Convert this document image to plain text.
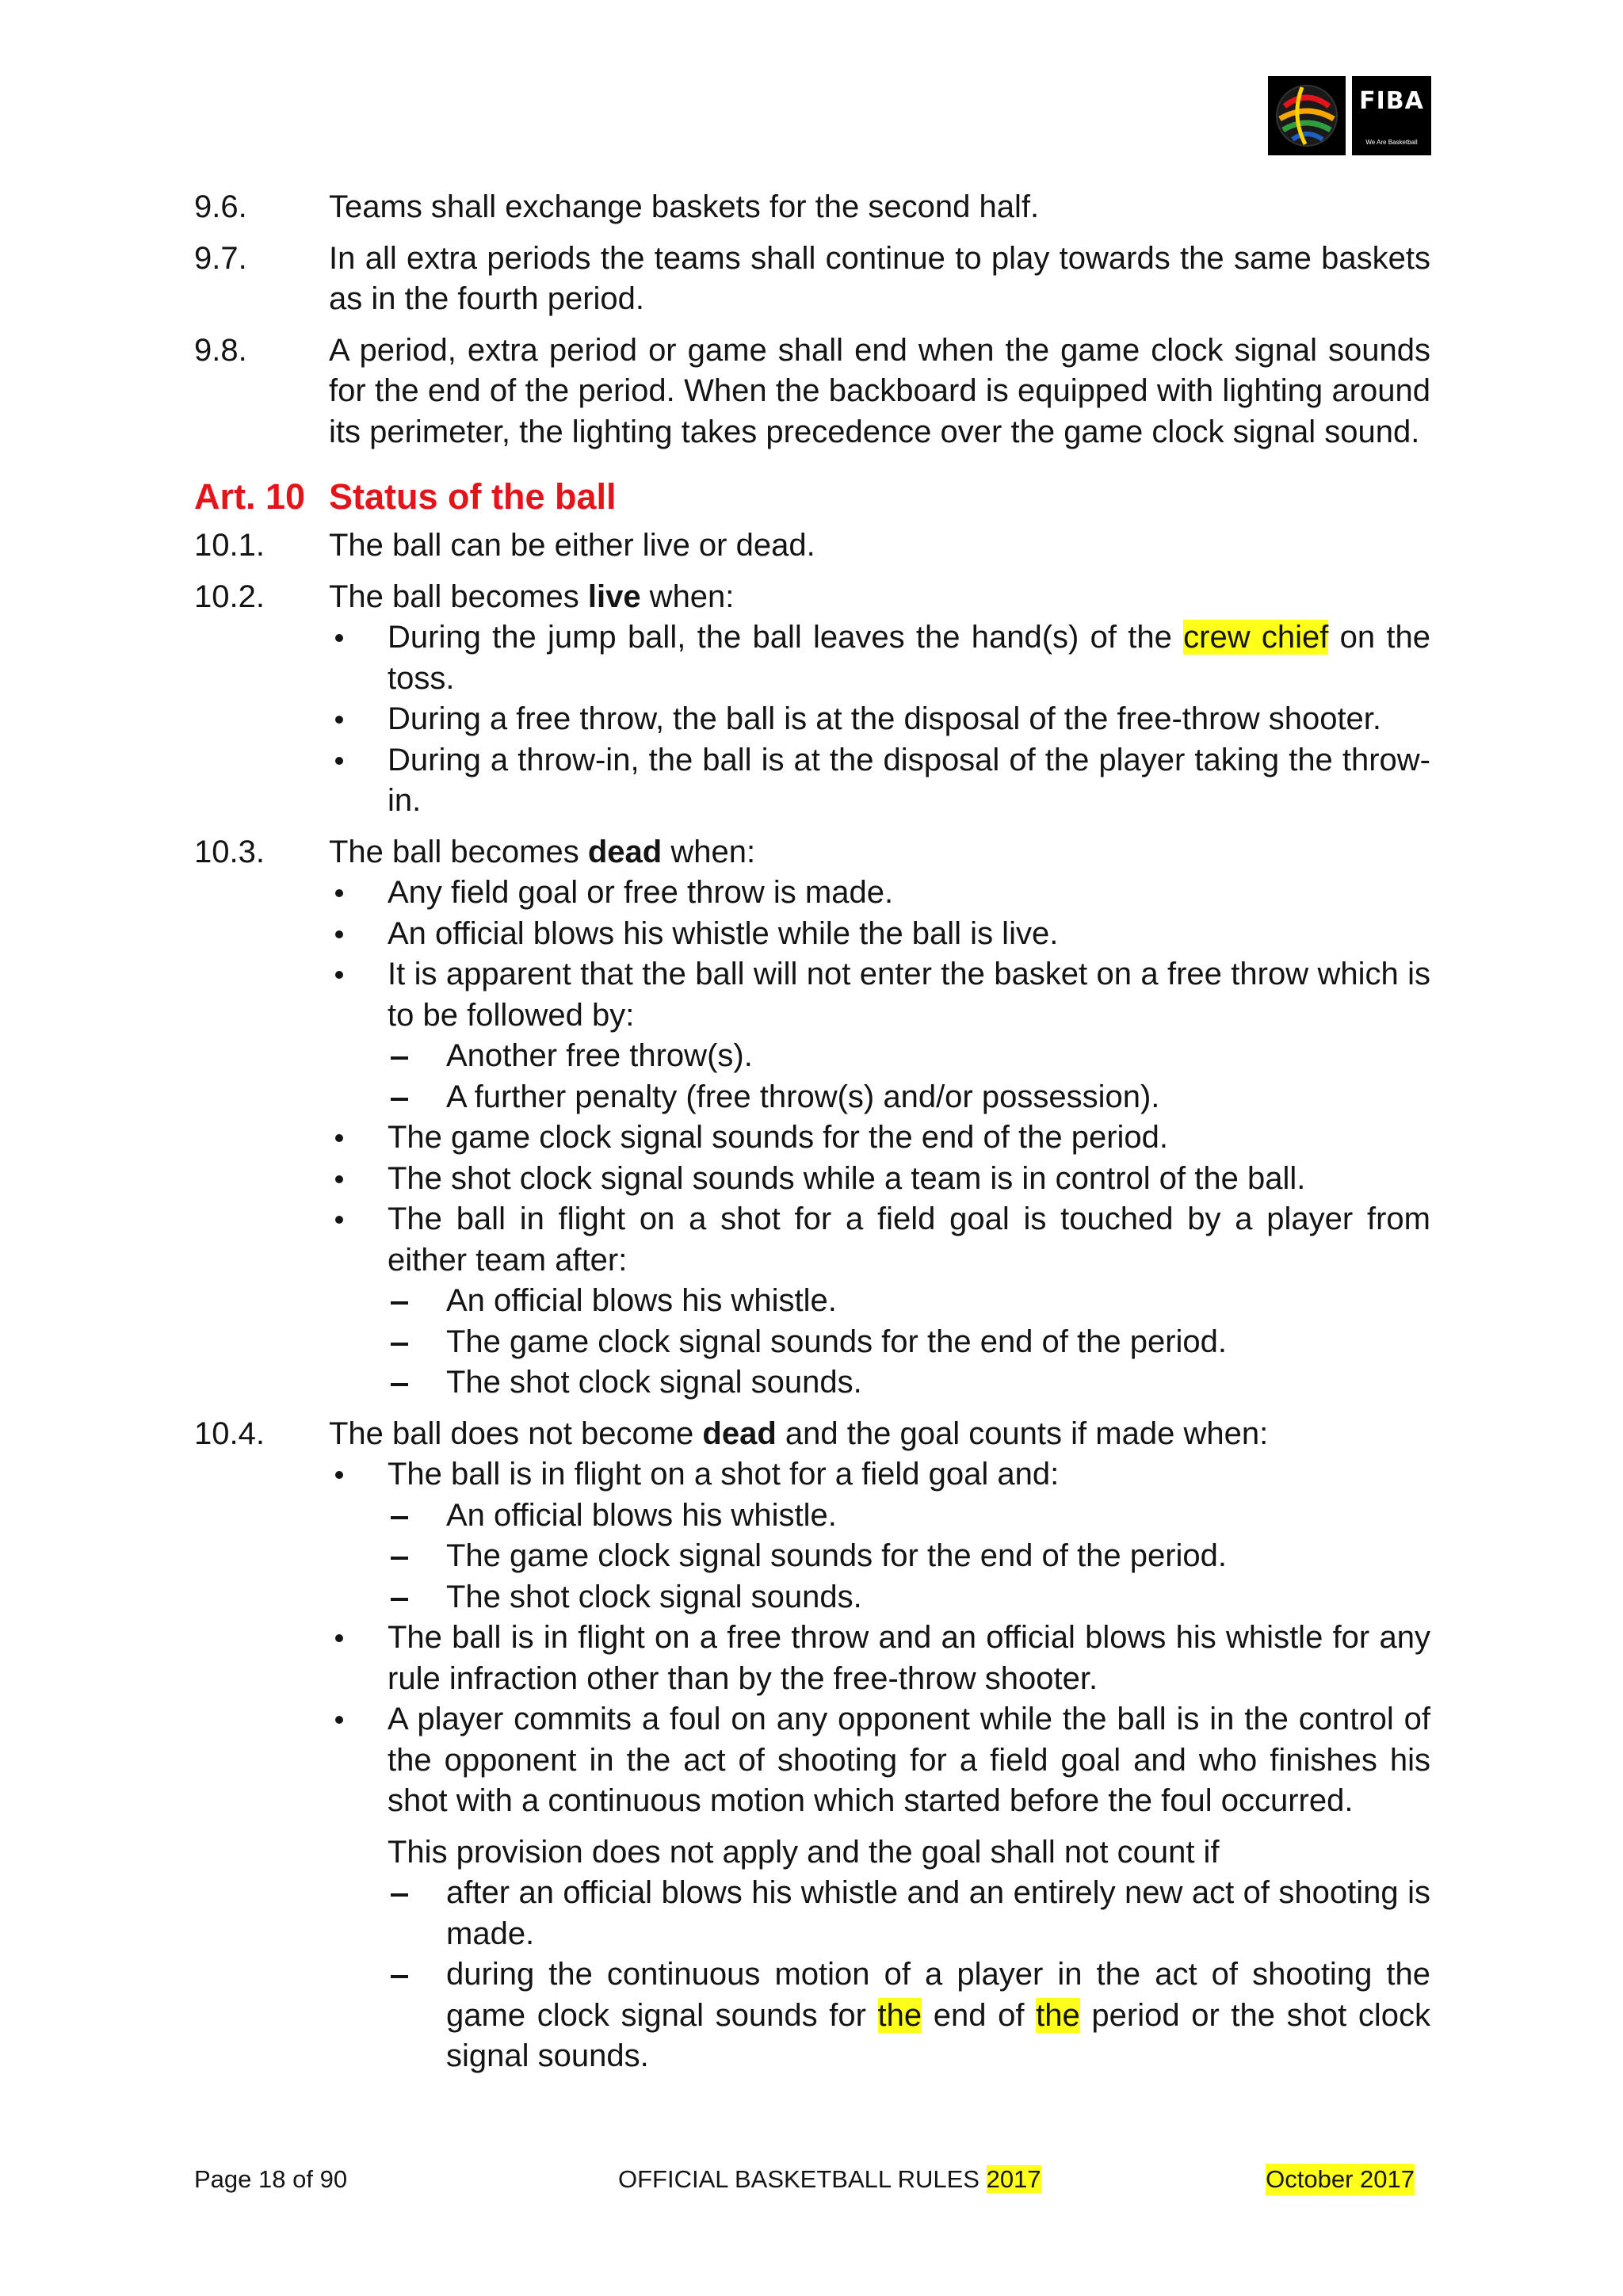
FIBA
We Are Basketball
9.6.	Teams shall exchange baskets for the second half.
9.7.	In all extra periods the teams shall continue to play towards the same baskets as in the fourth period.
9.8.	A period, extra period or game shall end when the game clock signal sounds for the end of the period. When the backboard is equipped with lighting around its perimeter, the lighting takes precedence over the game clock signal sound.
Art. 10 Status of the ball
10.1.	The ball can be either live or dead.
10.2.	The ball becomes live when:
During the jump ball, the ball leaves the hand(s) of the crew chief on the toss.
During a free throw, the ball is at the disposal of the free-throw shooter.
During a throw-in, the ball is at the disposal of the player taking the throw-in.
10.3.	The ball becomes dead when:
Any field goal or free throw is made.
An official blows his whistle while the ball is live.
It is apparent that the ball will not enter the basket on a free throw which is to be followed by:
Another free throw(s).
A further penalty (free throw(s) and/or possession).
The game clock signal sounds for the end of the period.
The shot clock signal sounds while a team is in control of the ball.
The ball in flight on a shot for a field goal is touched by a player from either team after:
An official blows his whistle.
The game clock signal sounds for the end of the period.
The shot clock signal sounds.
10.4.	The ball does not become dead and the goal counts if made when:
The ball is in flight on a shot for a field goal and:
An official blows his whistle.
The game clock signal sounds for the end of the period.
The shot clock signal sounds.
The ball is in flight on a free throw and an official blows his whistle for any rule infraction other than by the free-throw shooter.
A player commits a foul on any opponent while the ball is in the control of the opponent in the act of shooting for a field goal and who finishes his shot with a continuous motion which started before the foul occurred.
This provision does not apply and the goal shall not count if
after an official blows his whistle and an entirely new act of shooting is made.
during the continuous motion of a player in the act of shooting the game clock signal sounds for the end of the period or the shot clock signal sounds.
Page 18 of 90	OFFICIAL BASKETBALL RULES 2017	October 2017
